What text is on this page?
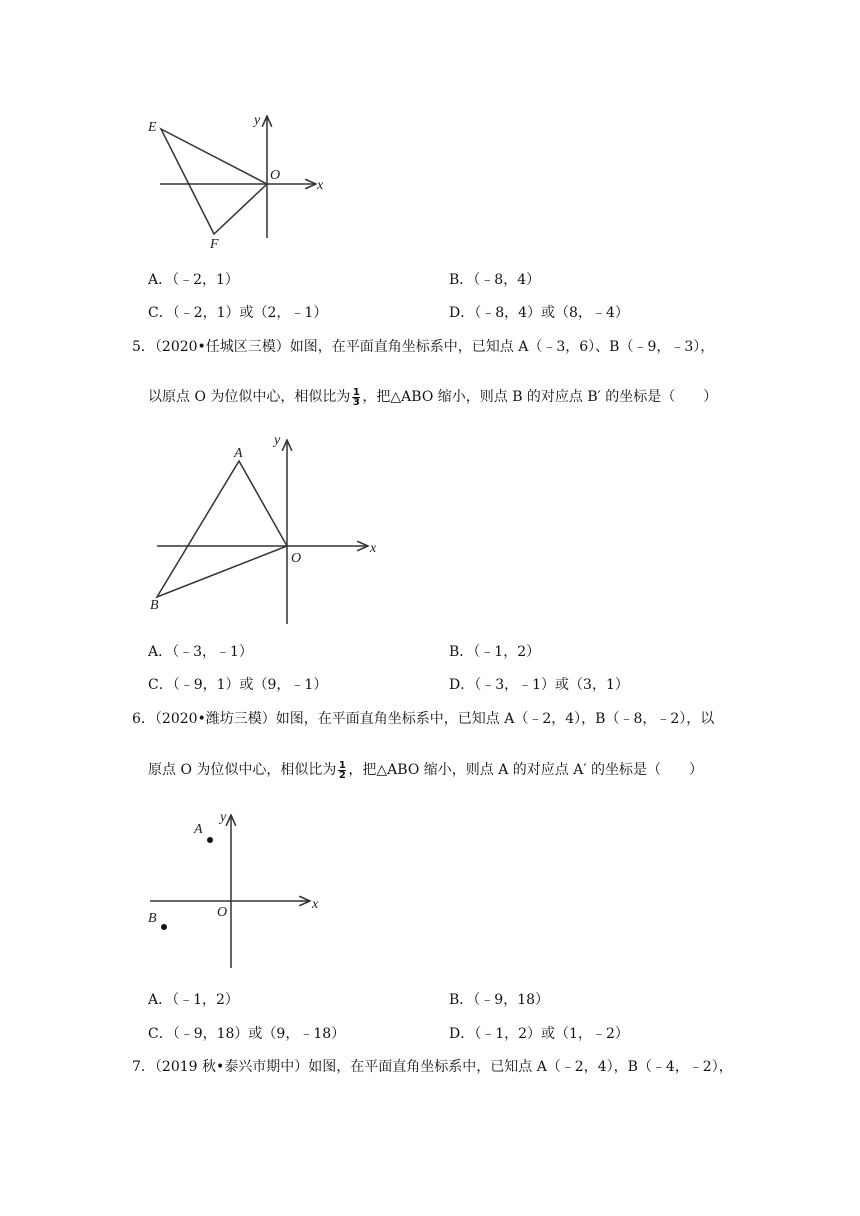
E
F
O
x
y
A．（﹣2，1）	B．（﹣8，4）
C．（﹣2，1）或（2，﹣1）	D．（﹣8，4）或（8，﹣4）
5．（2020•任城区三模）如图，在平面直角坐标系中，已知点 A（﹣3，6）、B（﹣9，﹣3），
以原点 O 为位似中心，相似比为 $\frac{1}{3}$ ，把△ABO 缩小，则点 B 的对应点 B′ 的坐标是（　　）
A
B
O
x
y
A．（﹣3，﹣1）	B．（﹣1，2）
C．（﹣9，1）或（9，﹣1）	D．（﹣3，﹣1）或（3，1）
6．（2020•潍坊三模）如图，在平面直角坐标系中，已知点 A（﹣2，4），B（﹣8，﹣2），以
原点 O 为位似中心，相似比为 $\frac{1}{2}$ ，把△ABO 缩小，则点 A 的对应点 A′ 的坐标是（　　）
A
B	O
x
y
A．（﹣1，2）	B．（﹣9，18）
C．（﹣9，18）或（9，﹣18）	D．（﹣1，2）或（1，﹣2）
7．（2019 秋•泰兴市期中）如图，在平面直角坐标系中，已知点 A（﹣2，4），B（﹣4，﹣2），
